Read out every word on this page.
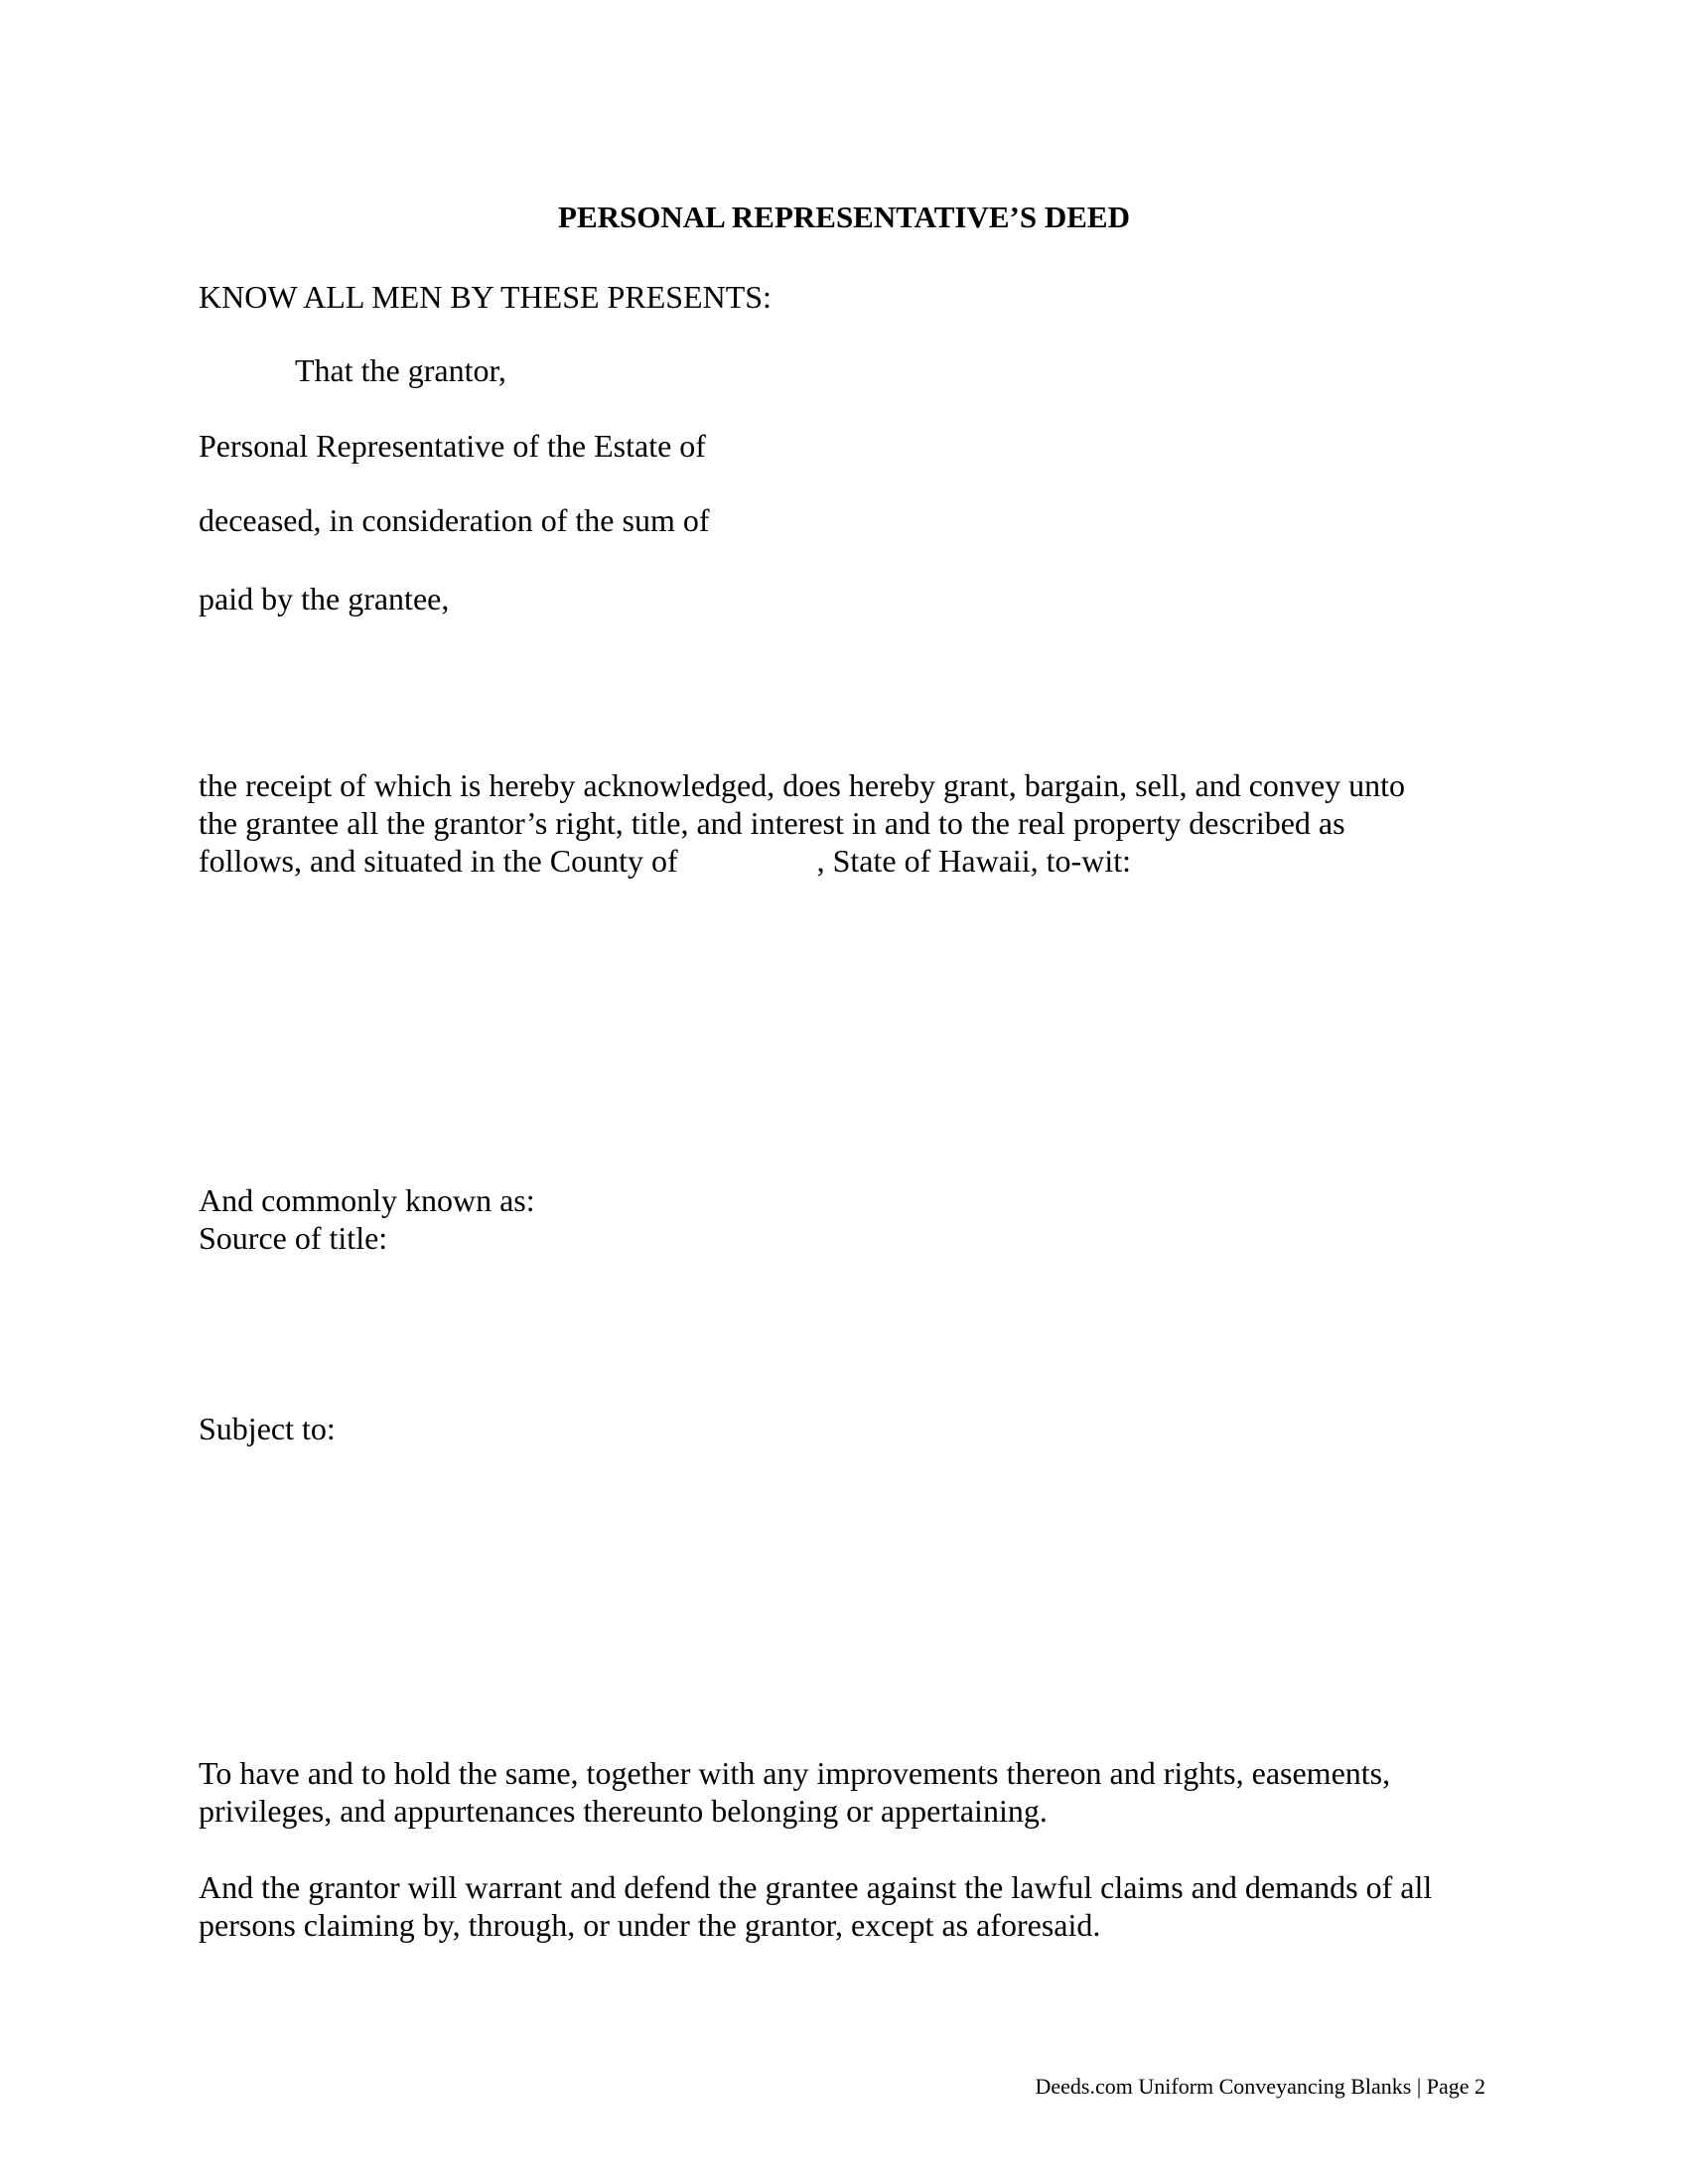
PERSONAL REPRESENTATIVE’S DEED

KNOW ALL MEN BY THESE PRESENTS:

That the grantor,

Personal Representative of the Estate of

deceased, in consideration of the sum of

paid by the grantee,

the receipt of which is hereby acknowledged, does hereby grant, bargain, sell, and convey unto
the grantee all the grantor’s right, title, and interest in and to the real property described as
follows, and situated in the County of	, State of Hawaii, to-wit:
And commonly known as:
Source of title:

Subject to:

To have and to hold the same, together with any improvements thereon and rights, easements,
privileges, and appurtenances thereunto belonging or appertaining.
And the grantor will warrant and defend the grantee against the lawful claims and demands of all
persons claiming by, through, or under the grantor, except as aforesaid.

Deeds.com Uniform Conveyancing Blanks | Page 2
